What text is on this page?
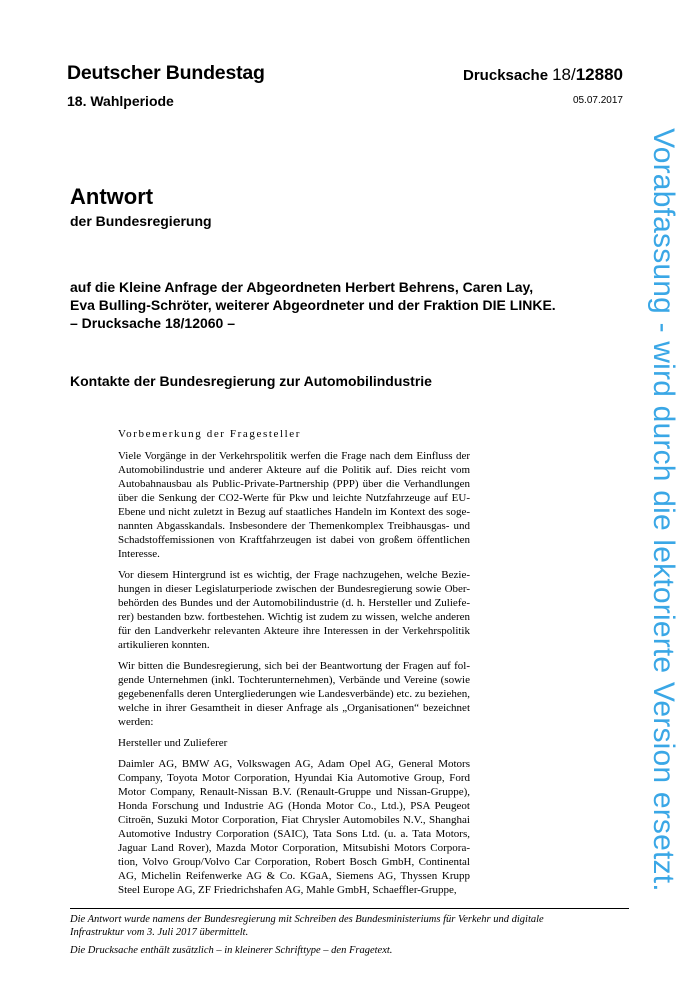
Deutscher Bundestag	Drucksache 18/12880
18. Wahlperiode	05.07.2017
Antwort
der Bundesregierung
auf die Kleine Anfrage der Abgeordneten Herbert Behrens, Caren Lay,
Eva Bulling-Schröter, weiterer Abgeordneter und der Fraktion DIE LINKE.
– Drucksache 18/12060 –
Kontakte der Bundesregierung zur Automobilindustrie
Vorbemerkung der Fragesteller
Viele Vorgänge in der Verkehrspolitik werfen die Frage nach dem Einfluss der
Automobilindustrie und anderer Akteure auf die Politik auf. Dies reicht vom
Autobahnausbau als Public-Private-Partnership (PPP) über die Verhandlungen
über die Senkung der CO2-Werte für Pkw und leichte Nutzfahrzeuge auf EU-
Ebene und nicht zuletzt in Bezug auf staatliches Handeln im Kontext des soge-
nannten Abgasskandals. Insbesondere der Themenkomplex Treibhausgas- und
Schadstoffemissionen von Kraftfahrzeugen ist dabei von großem öffentlichen
Interesse.
Vor diesem Hintergrund ist es wichtig, der Frage nachzugehen, welche Bezie-
hungen in dieser Legislaturperiode zwischen der Bundesregierung sowie Ober-
behörden des Bundes und der Automobilindustrie (d. h. Hersteller und Zuliefe-
rer) bestanden bzw. fortbestehen. Wichtig ist zudem zu wissen, welche anderen
für den Landverkehr relevanten Akteure ihre Interessen in der Verkehrspolitik
artikulieren konnten.
Wir bitten die Bundesregierung, sich bei der Beantwortung der Fragen auf fol-
gende Unternehmen (inkl. Tochterunternehmen), Verbände und Vereine (sowie
gegebenenfalls deren Untergliederungen wie Landesverbände) etc. zu beziehen,
welche in ihrer Gesamtheit in dieser Anfrage als „Organisationen“ bezeichnet
werden:
Hersteller und Zulieferer
Daimler AG, BMW AG, Volkswagen AG, Adam Opel AG, General Motors
Company, Toyota Motor Corporation, Hyundai Kia Automotive Group, Ford
Motor Company, Renault-Nissan B.V. (Renault-Gruppe und Nissan-Gruppe),
Honda Forschung und Industrie AG (Honda Motor Co., Ltd.), PSA Peugeot
Citroën, Suzuki Motor Corporation, Fiat Chrysler Automobiles N.V., Shanghai
Automotive Industry Corporation (SAIC), Tata Sons Ltd. (u. a. Tata Motors,
Jaguar Land Rover), Mazda Motor Corporation, Mitsubishi Motors Corpora-
tion, Volvo Group/Volvo Car Corporation, Robert Bosch GmbH, Continental
AG, Michelin Reifenwerke AG & Co. KGaA, Siemens AG, Thyssen Krupp
Steel Europe AG, ZF Friedrichshafen AG, Mahle GmbH, Schaeffler-Gruppe,
Die Antwort wurde namens der Bundesregierung mit Schreiben des Bundesministeriums für Verkehr und digitale
Infrastruktur vom 3. Juli 2017 übermittelt.
Die Drucksache enthält zusätzlich – in kleinerer Schrifttype – den Fragetext.
Vorabfassung - wird durch die lektorierte Version ersetzt.
